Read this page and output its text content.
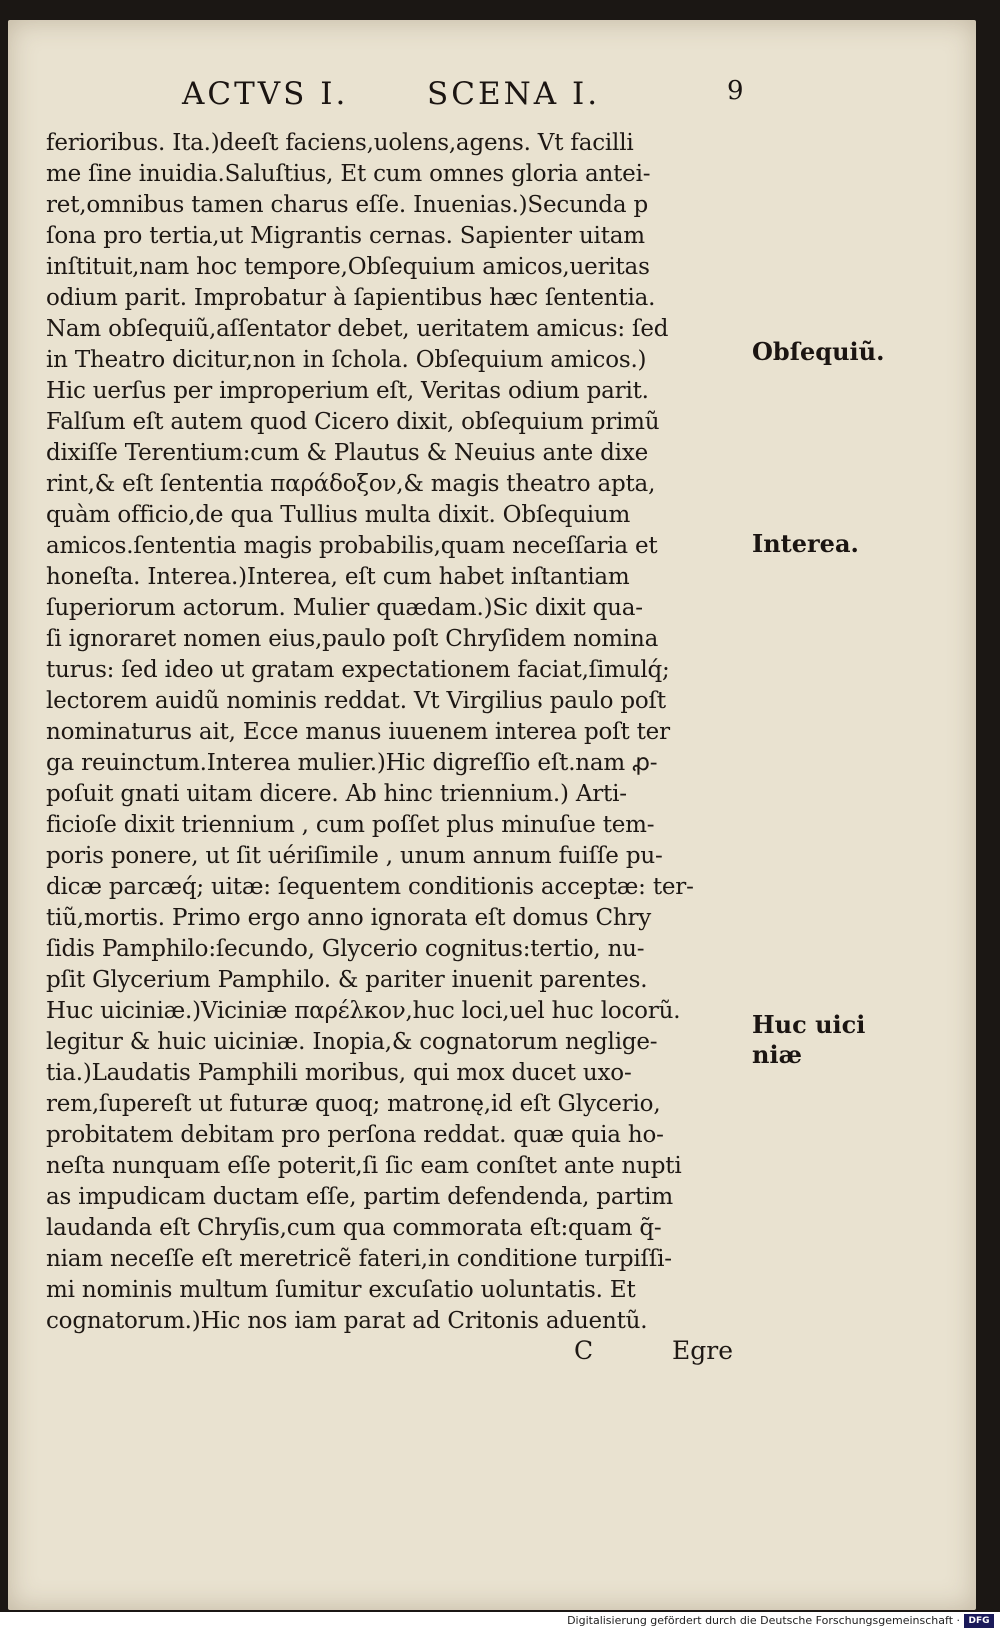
ACTVS I.	SCENA I.	9
ferioribus. Ita.)deeſt faciens,uolens,agens. Vt facilli
me ſine inuidia.Saluſtius, Et cum omnes gloria antei-
ret,omnibus tamen charus eſſe. Inuenias.)Secunda p
ſona pro tertia,ut Migrantis cernas. Sapienter uitam
inſtituit,nam hoc tempore,Obſequium amicos,ueritas
odium parit. Improbatur à ſapientibus hæc ſententia.
Nam obſequiũ,aſſentator debet, ueritatem amicus: ſed
in Theatro dicitur,non in ſchola. Obſequium amicos.)
Hic uerſus per improperium eſt, Veritas odium parit.
Falſum eſt autem quod Cicero dixit, obſequium primũ
dixiſſe Terentium:cum & Plautus & Neuius ante dixe
rint,& eſt ſententia παράδοξον,& magis theatro apta,
quàm officio,de qua Tullius multa dixit. Obſequium
amicos.ſententia magis probabilis,quam neceſſaria et
honeſta. Interea.)Interea, eſt cum habet inſtantiam
ſuperiorum actorum. Mulier quædam.)Sic dixit qua-
ſi ignoraret nomen eius,paulo poſt Chryſidem nomina
turus: ſed ideo ut gratam expectationem faciat,ſimulq́;
lectorem auidũ nominis reddat. Vt Virgilius paulo poſt
nominaturus ait, Ecce manus iuuenem interea poſt ter
ga reuinctum.Interea mulier.)Hic digreſſio eſt.nam ꝓ-
poſuit gnati uitam dicere. Ab hinc triennium.) Arti-
ficioſe dixit triennium , cum poſſet plus minuſue tem-
poris ponere, ut ſit uériſimile , unum annum fuiſſe pu-
dicæ parcæq́; uitæ: ſequentem conditionis acceptæ: ter-
tiũ,mortis. Primo ergo anno ignorata eſt domus Chry
ſidis Pamphilo:ſecundo, Glycerio cognitus:tertio, nu-
pſit Glycerium Pamphilo. & pariter inuenit parentes.
Huc uiciniæ.)Viciniæ παρέλκον,huc loci,uel huc locorũ.
legitur & huic uiciniæ. Inopia,& cognatorum neglige-
tia.)Laudatis Pamphili moribus, qui mox ducet uxo-
rem,ſupereſt ut futuræ quoq; matronę,id eſt Glycerio,
probitatem debitam pro perſona reddat. quæ quia ho-
neſta nunquam eſſe poterit,ſi ſic eam conſtet ante nupti
as impudicam ductam eſſe, partim defendenda, partim
laudanda eſt Chryſis,cum qua commorata eſt:quam q̃-
niam neceſſe eſt meretricẽ fateri,in conditione turpiſſi-
mi nominis multum ſumitur excuſatio uoluntatis. Et
cognatorum.)Hic nos iam parat ad Critonis aduentũ.
Obſequiũ.
Interea.
Huc uici
niæ
C	Egre
Digitalisierung gefördert durch die Deutsche Forschungsgemeinschaft · DFG
